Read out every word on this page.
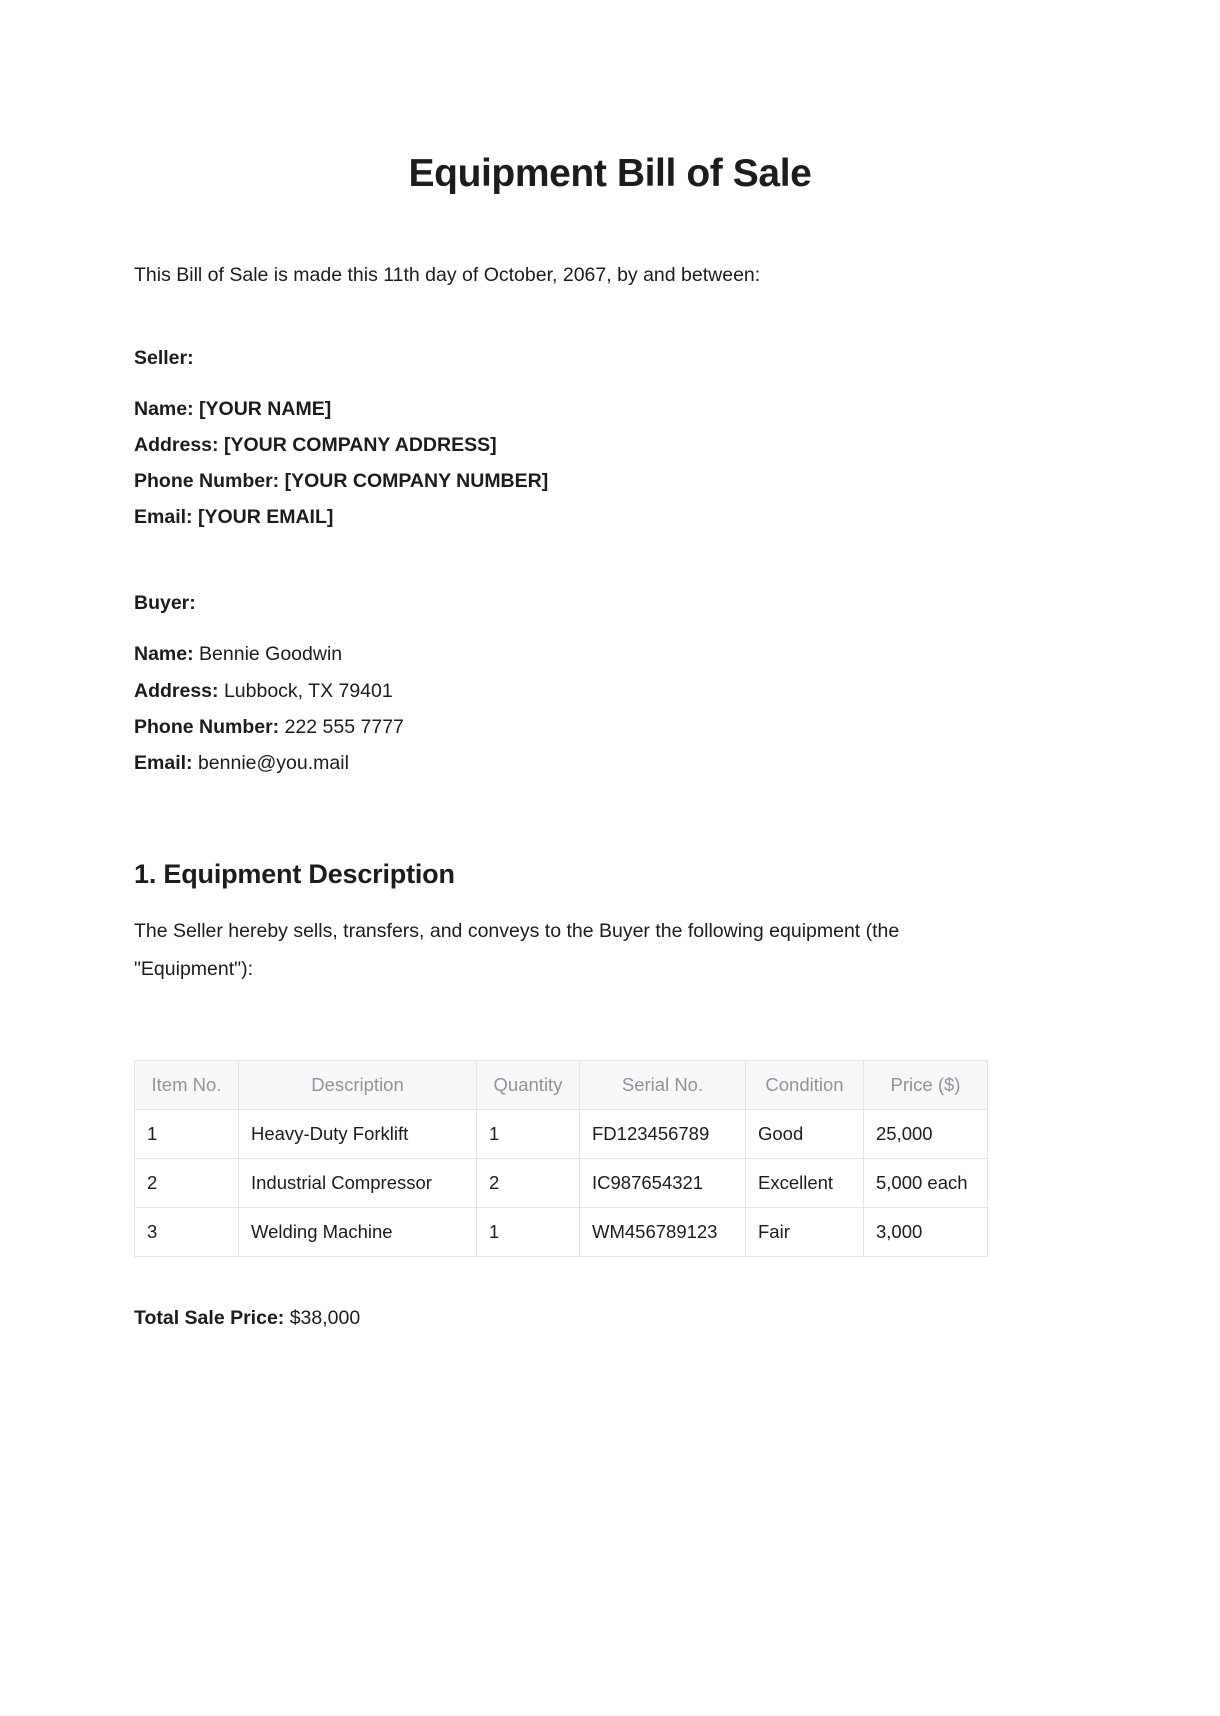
Equipment Bill of Sale

This Bill of Sale is made this 11th day of October, 2067, by and between:

Seller:

Name: [YOUR NAME]
Address: [YOUR COMPANY ADDRESS]
Phone Number: [YOUR COMPANY NUMBER]
Email: [YOUR EMAIL]

Buyer:

Name: Bennie Goodwin
Address: Lubbock, TX 79401
Phone Number: 222 555 7777
Email: bennie@you.mail
1. Equipment Description

The Seller hereby sells, transfers, and conveys to the Buyer the following equipment (the "Equipment"):

Item No.	Description	Quantity	Serial No.	Condition	Price ($)
1	Heavy-Duty Forklift	1	FD123456789	Good	25,000
2	Industrial Compressor	2	IC987654321	Excellent	5,000 each
3	Welding Machine	1	WM456789123	Fair	3,000

Total Sale Price: $38,000
